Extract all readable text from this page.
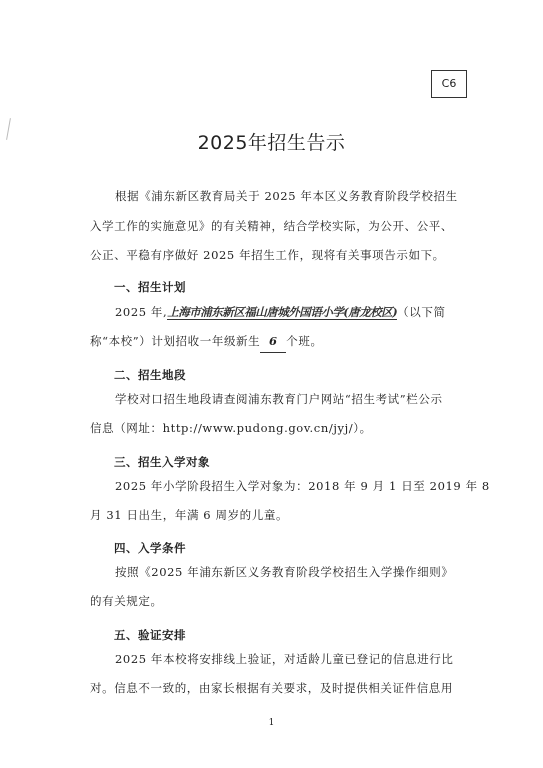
C6
2025年招生告示
根据《浦东新区教育局关于 2025 年本区义务教育阶段学校招生
入学工作的实施意见》的有关精神，结合学校实际，为公开、公平、
公正、平稳有序做好 2025 年招生工作，现将有关事项告示如下。
一、招生计划
2025 年,上海市浦东新区福山唐城外国语小学(唐龙校区)（以下简
称“本校”）计划招收一年级新生 6 个班。
二、招生地段
学校对口招生地段请查阅浦东教育门户网站“招生考试”栏公示
信息（网址：http://www.pudong.gov.cn/jyj/）。
三、招生入学对象
2025 年小学阶段招生入学对象为：2018 年 9 月 1 日至 2019 年 8
月 31 日出生，年满 6 周岁的儿童。
四、入学条件
按照《2025 年浦东新区义务教育阶段学校招生入学操作细则》
的有关规定。
五、验证安排
2025 年本校将安排线上验证，对适龄儿童已登记的信息进行比
对。信息不一致的，由家长根据有关要求，及时提供相关证件信息用
1
